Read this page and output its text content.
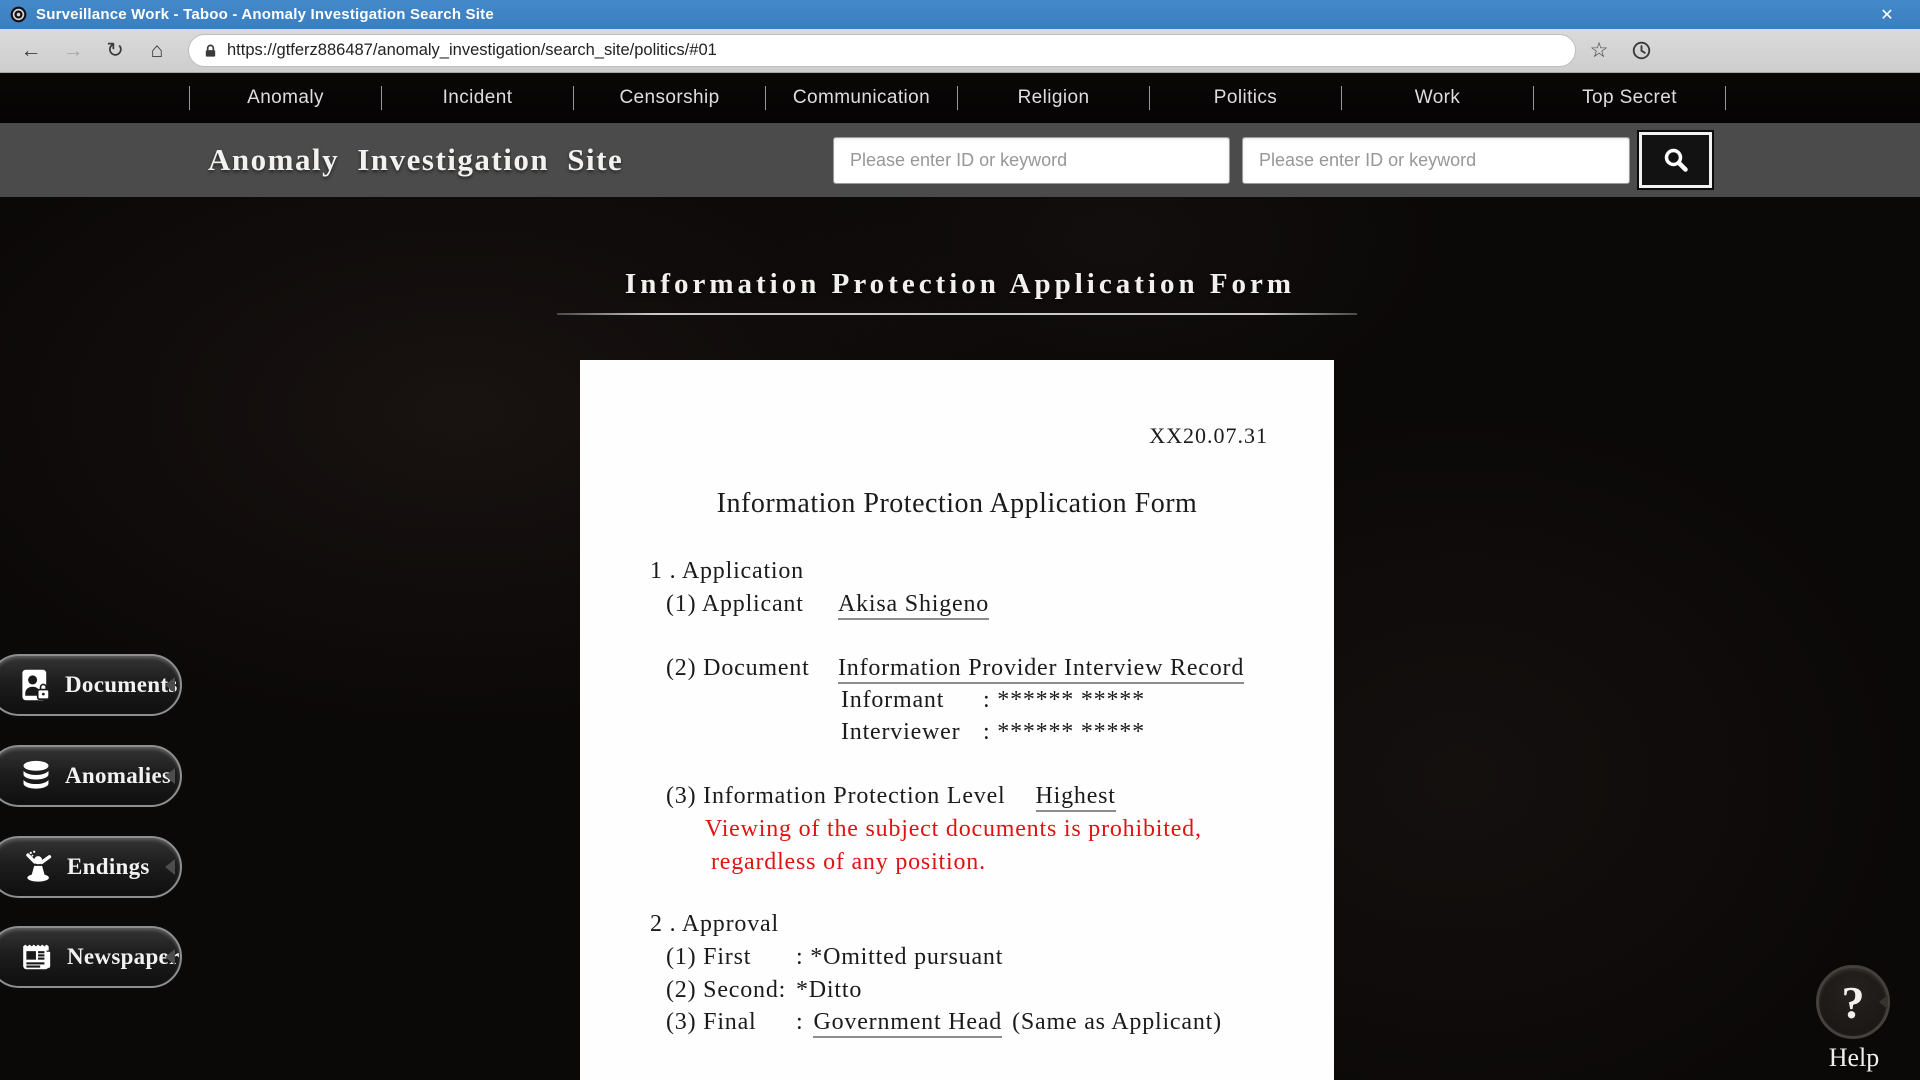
Surveillance Work - Taboo - Anomaly Investigation Search Site	✕
←	→	↻	⌂
https://gtferz886487/anomaly_investigation/search_site/politics/#01	☆
Anomaly	Incident	Censorship	Communication	Religion	Politics	Work	Top Secret
Anomaly Investigation Site
Please enter ID or keyword
Please enter ID or keyword
Information Protection Application Form
XX20.07.31
Information Protection Application Form
1 . Application
(1) Applicant Akisa Shigeno
(2) Document Information Provider Interview Record
Informant : ****** *****
Interviewer : ****** *****
(3) Information Protection Level Highest
Viewing of the subject documents is prohibited,
regardless of any position.
2 . Approval
(1) First : *Omitted pursuant
(2) Second: *Ditto
(3) Final : Government Head (Same as Applicant)
Documents
Anomalies
Endings
Newspaper
?
Help
